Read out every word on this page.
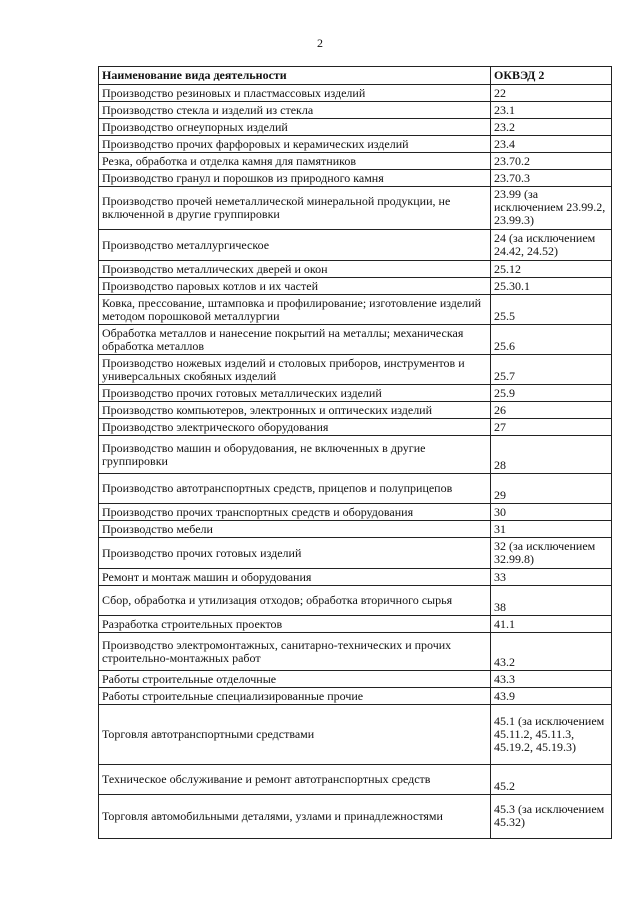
2
Наименование вида деятельности	ОКВЭД 2
Производство резиновых и пластмассовых изделий	22
Производство стекла и изделий из стекла	23.1
Производство огнеупорных изделий	23.2
Производство прочих фарфоровых и керамических изделий	23.4
Резка, обработка и отделка камня для памятников	23.70.2
Производство гранул и порошков из природного камня	23.70.3
Производство прочей неметаллической минеральной продукции, не включенной в другие группировки	23.99 (за исключением 23.99.2, 23.99.3)
Производство металлургическое	24 (за исключением 24.42, 24.52)
Производство металлических дверей и окон	25.12
Производство паровых котлов и их частей	25.30.1
Ковка, прессование, штамповка и профилирование; изготовление изделий методом порошковой металлургии	25.5
Обработка металлов и нанесение покрытий на металлы; механическая обработка металлов	25.6
Производство ножевых изделий и столовых приборов, инструментов и универсальных скобяных изделий	25.7
Производство прочих готовых металлических изделий	25.9
Производство компьютеров, электронных и оптических изделий	26
Производство электрического оборудования	27
Производство машин и оборудования, не включенных в другие группировки	28
Производство автотранспортных средств, прицепов и полуприцепов	29
Производство прочих транспортных средств и оборудования	30
Производство мебели	31
Производство прочих готовых изделий	32 (за исключением 32.99.8)
Ремонт и монтаж машин и оборудования	33
Сбор, обработка и утилизация отходов; обработка вторичного сырья	38
Разработка строительных проектов	41.1
Производство электромонтажных, санитарно-технических и прочих строительно-монтажных работ	43.2
Работы строительные отделочные	43.3
Работы строительные специализированные прочие	43.9
Торговля автотранспортными средствами	45.1 (за исключением 45.11.2, 45.11.3, 45.19.2, 45.19.3)
Техническое обслуживание и ремонт автотранспортных средств	45.2
Торговля автомобильными деталями, узлами и принадлежностями	45.3 (за исключением 45.32)
